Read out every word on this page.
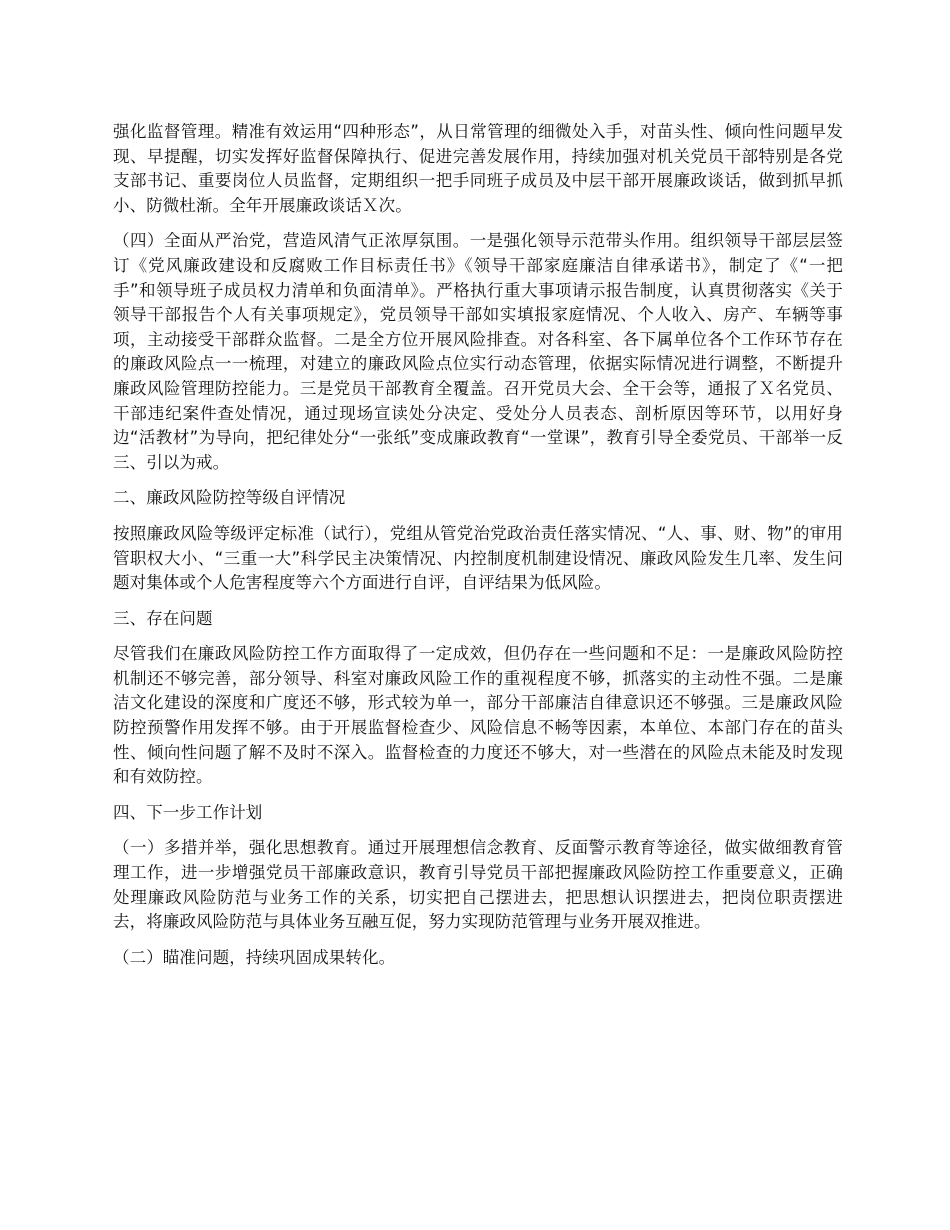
强化监督管理。精准有效运用“四种形态”，从日常管理的细微处入手，对苗头性、倾向性问题早发现、早提醒，切实发挥好监督保障执行、促进完善发展作用，持续加强对机关党员干部特别是各党支部书记、重要岗位人员监督，定期组织一把手同班子成员及中层干部开展廉政谈话，做到抓早抓小、防微杜渐。全年开展廉政谈话Ｘ次。

（四）全面从严治党，营造风清气正浓厚氛围。一是强化领导示范带头作用。组织领导干部层层签订《党风廉政建设和反腐败工作目标责任书》《领导干部家庭廉洁自律承诺书》，制定了《“一把手”和领导班子成员权力清单和负面清单》。严格执行重大事项请示报告制度，认真贯彻落实《关于领导干部报告个人有关事项规定》，党员领导干部如实填报家庭情况、个人收入、房产、车辆等事项，主动接受干部群众监督。二是全方位开展风险排查。对各科室、各下属单位各个工作环节存在的廉政风险点一一梳理，对建立的廉政风险点位实行动态管理，依据实际情况进行调整，不断提升廉政风险管理防控能力。三是党员干部教育全覆盖。召开党员大会、全干会等，通报了Ｘ名党员、干部违纪案件查处情况，通过现场宣读处分决定、受处分人员表态、剖析原因等环节，以用好身边“活教材”为导向，把纪律处分“一张纸”变成廉政教育“一堂课”，教育引导全委党员、干部举一反三、引以为戒。

二、廉政风险防控等级自评情况

按照廉政风险等级评定标准（试行），党组从管党治党政治责任落实情况、“人、事、财、物”的审用管职权大小、“三重一大”科学民主决策情况、内控制度机制建设情况、廉政风险发生几率、发生问题对集体或个人危害程度等六个方面进行自评，自评结果为低风险。

三、存在问题

尽管我们在廉政风险防控工作方面取得了一定成效，但仍存在一些问题和不足：一是廉政风险防控机制还不够完善，部分领导、科室对廉政风险工作的重视程度不够，抓落实的主动性不强。二是廉洁文化建设的深度和广度还不够，形式较为单一，部分干部廉洁自律意识还不够强。三是廉政风险防控预警作用发挥不够。由于开展监督检查少、风险信息不畅等因素，本单位、本部门存在的苗头性、倾向性问题了解不及时不深入。监督检查的力度还不够大，对一些潜在的风险点未能及时发现和有效防控。

四、下一步工作计划

（一）多措并举，强化思想教育。通过开展理想信念教育、反面警示教育等途径，做实做细教育管理工作，进一步增强党员干部廉政意识，教育引导党员干部把握廉政风险防控工作重要意义，正确处理廉政风险防范与业务工作的关系，切实把自己摆进去，把思想认识摆进去，把岗位职责摆进去，将廉政风险防范与具体业务互融互促，努力实现防范管理与业务开展双推进。

（二）瞄准问题，持续巩固成果转化。
